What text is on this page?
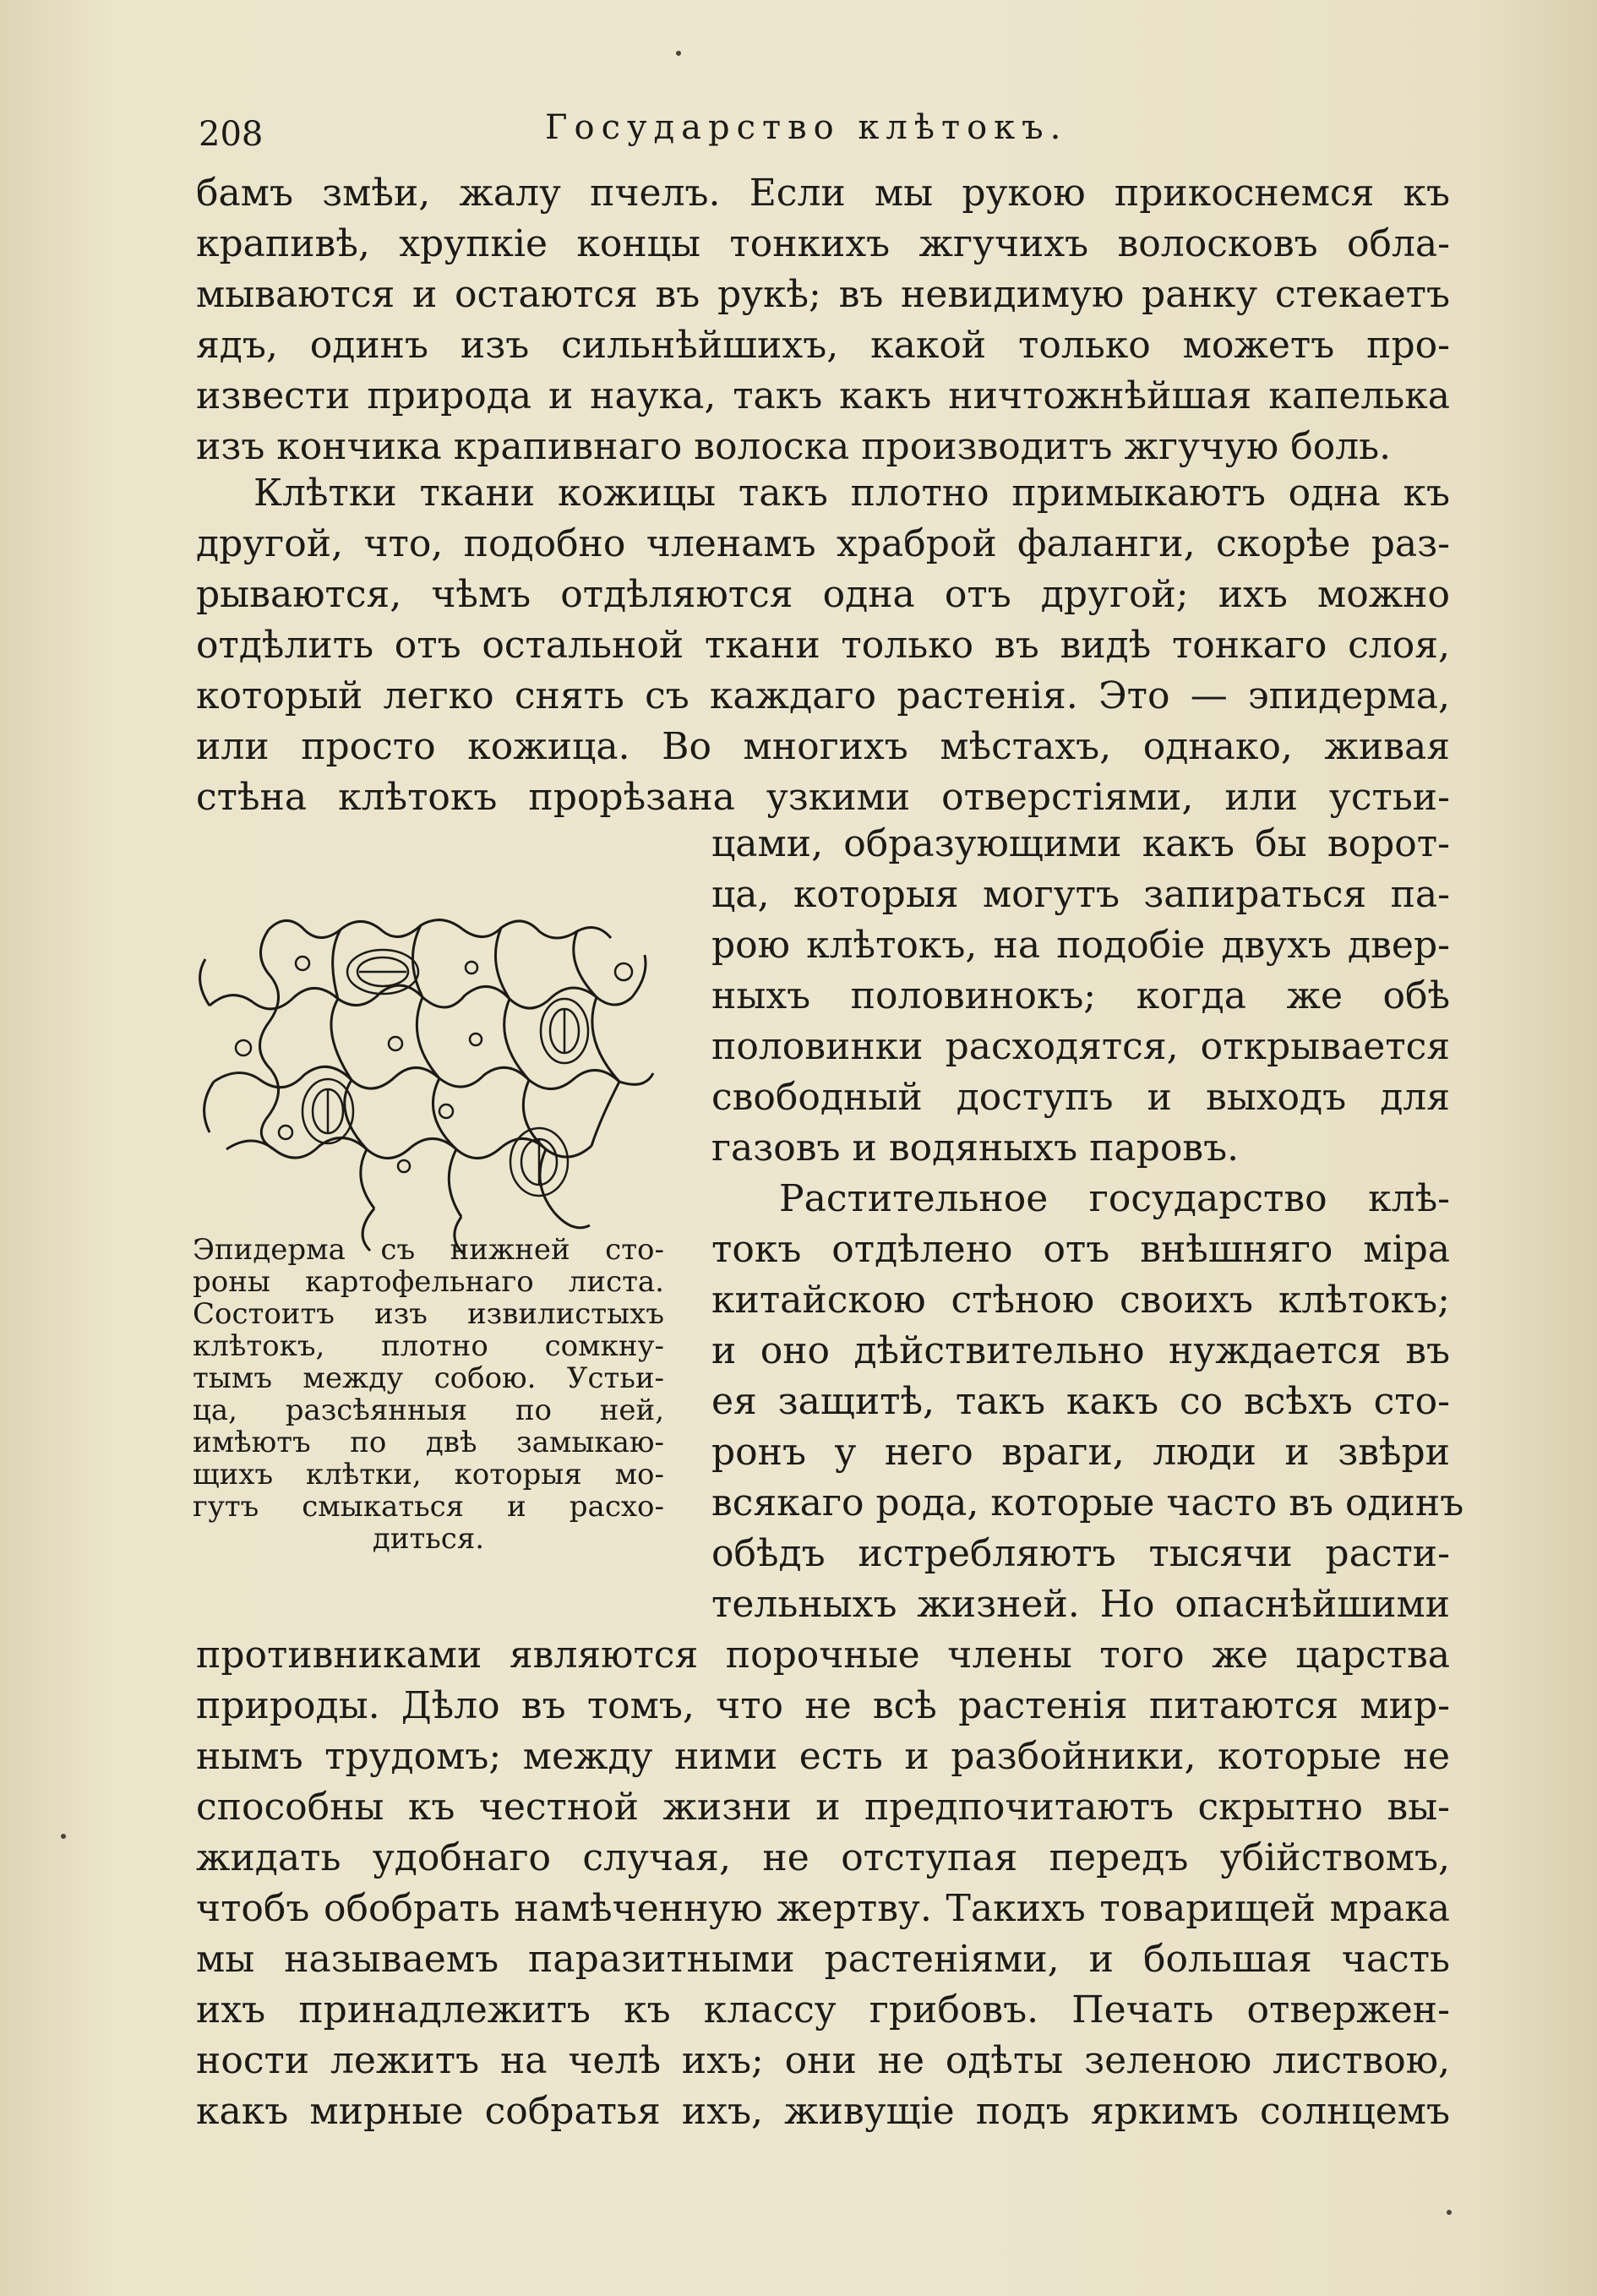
208	Государство клѣтокъ.
бамъ змѣи, жалу пчелъ. Если мы рукою прикоснемся къ
крапивѣ, хрупкіе концы тонкихъ жгучихъ волосковъ обла-
мываются и остаются въ рукѣ; въ невидимую ранку стекаетъ
ядъ, одинъ изъ сильнѣйшихъ, какой только можетъ про-
извести природа и наука, такъ какъ ничтожнѣйшая капелька
изъ кончика крапивнаго волоска производитъ жгучую боль.
Клѣтки ткани кожицы такъ плотно примыкаютъ одна къ
другой, что, подобно членамъ храброй фаланги, скорѣе раз-
рываются, чѣмъ отдѣляются одна отъ другой; ихъ можно
отдѣлить отъ остальной ткани только въ видѣ тонкаго слоя,
который легко снять съ каждаго растенія. Это — эпидерма,
или просто кожица. Во многихъ мѣстахъ, однако, живая
стѣна клѣтокъ прорѣзана узкими отверстіями, или устьи-
цами, образующими какъ бы ворот-
ца, которыя могутъ запираться па-
рою клѣтокъ, на подобіе двухъ двер-
ныхъ половинокъ; когда же обѣ
половинки расходятся, открывается
свободный доступъ и выходъ для
газовъ и водяныхъ паровъ.
Растительное государство клѣ-
токъ отдѣлено отъ внѣшняго міра
китайскою стѣною своихъ клѣтокъ;
и оно дѣйствительно нуждается въ
ея защитѣ, такъ какъ со всѣхъ сто-
ронъ у него враги, люди и звѣри
всякаго рода, которые часто въ одинъ
обѣдъ истребляютъ тысячи расти-
тельныхъ жизней. Но опаснѣйшими
противниками являются порочные члены того же царства
природы. Дѣло въ томъ, что не всѣ растенія питаются мир-
нымъ трудомъ; между ними есть и разбойники, которые не
способны къ честной жизни и предпочитаютъ скрытно вы-
жидать удобнаго случая, не отступая передъ убійствомъ,
чтобъ обобрать намѣченную жертву. Такихъ товарищей мрака
мы называемъ паразитными растеніями, и большая часть
ихъ принадлежитъ къ классу грибовъ. Печать отвержен-
ности лежитъ на челѣ ихъ; они не одѣты зеленою листвою,
какъ мирные собратья ихъ, живущіе подъ яркимъ солнцемъ
Эпидерма съ нижней сто-
роны картофельнаго листа.
Состоитъ изъ извилистыхъ
клѣтокъ, плотно сомкну-
тымъ между собою. Устьи-
ца, разсѣянныя по ней,
имѣютъ по двѣ замыкаю-
щихъ клѣтки, которыя мо-
гутъ смыкаться и расхо-
диться.
